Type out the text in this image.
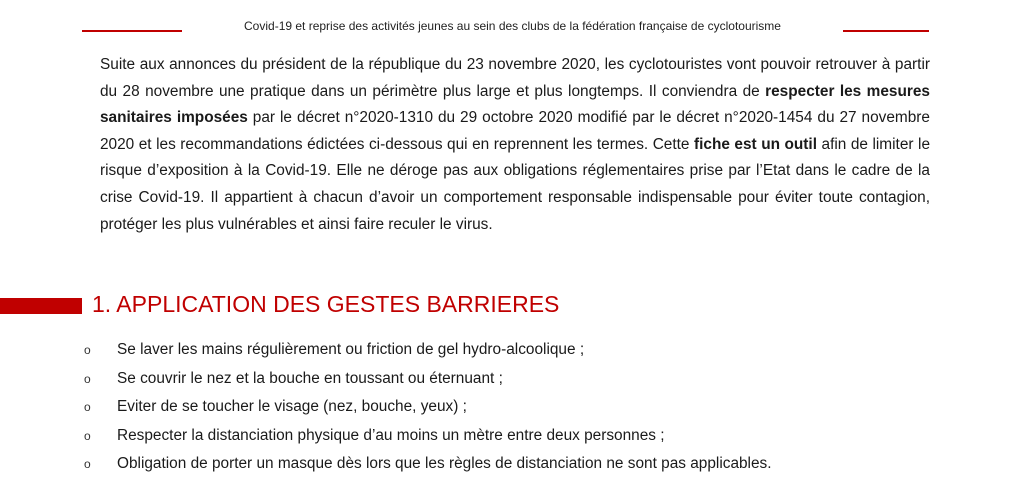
Covid-19 et reprise des activités jeunes au sein des clubs de la fédération française de cyclotourisme

Suite aux annonces du président de la république du 23 novembre 2020, les cyclotouristes vont pouvoir retrouver à partir du 28 novembre une pratique dans un périmètre plus large et plus longtemps. Il conviendra de respecter les mesures sanitaires imposées par le décret n°2020-1310 du 29 octobre 2020 modifié par le décret n°2020-1454 du 27 novembre 2020 et les recommandations édictées ci-dessous qui en reprennent les termes. Cette fiche est un outil afin de limiter le risque d’exposition à la Covid-19. Elle ne déroge pas aux obligations réglementaires prise par l’Etat dans le cadre de la crise Covid-19. Il appartient à chacun d’avoir un comportement responsable indispensable pour éviter toute contagion, protéger les plus vulnérables et ainsi faire reculer le virus.

1. APPLICATION DES GESTES BARRIERES
o Se laver les mains régulièrement ou friction de gel hydro-alcoolique ;
o Se couvrir le nez et la bouche en toussant ou éternuant ;
o Eviter de se toucher le visage (nez, bouche, yeux) ;
o Respecter la distanciation physique d’au moins un mètre entre deux personnes ;
o Obligation de porter un masque dès lors que les règles de distanciation ne sont pas applicables.
